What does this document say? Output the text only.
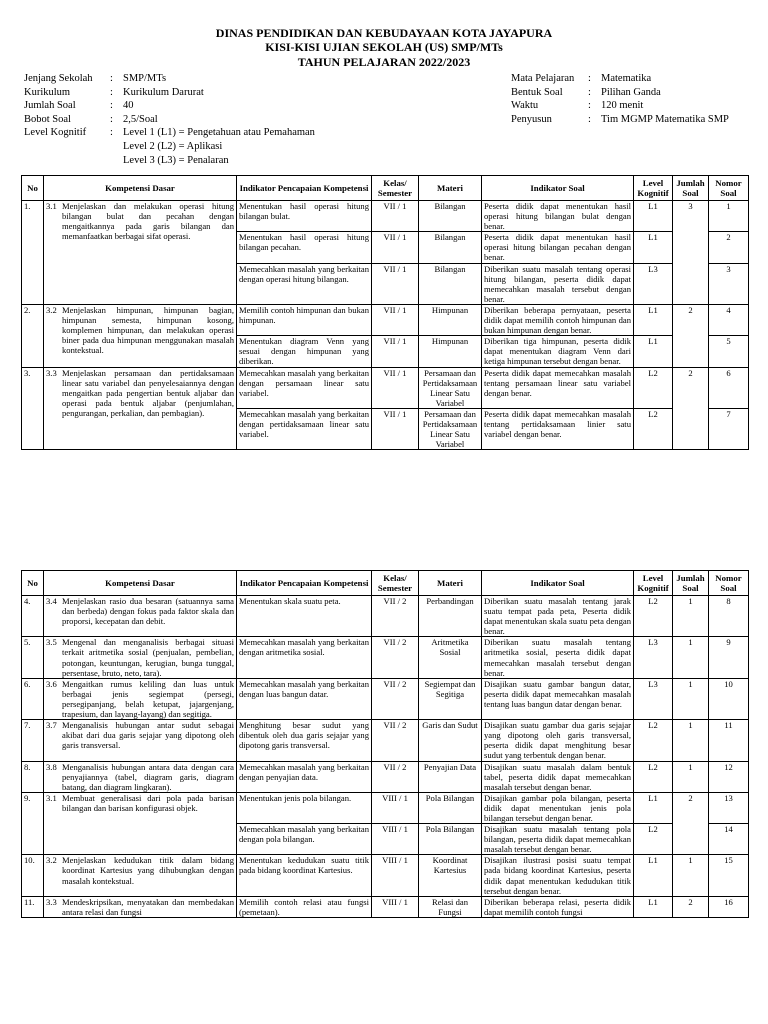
DINAS PENDIDIKAN DAN KEBUDAYAAN KOTA JAYAPURA
KISI-KISI UJIAN SEKOLAH (US) SMP/MTs
TAHUN PELAJARAN 2022/2023
Jenjang Sekolah	: SMP/MTs
Kurikulum	: Kurikulum Darurat
Jumlah Soal	: 40
Bobot Soal	: 2,5/Soal
Level Kognitif	: Level 1 (L1) = Pengetahuan atau Pemahaman
Level 2 (L2) = Aplikasi
Level 3 (L3) = Penalaran
Mata Pelajaran	: Matematika
Bentuk Soal	: Pilihan Ganda
Waktu	: 120 menit
Penyusun	: Tim MGMP Matematika SMP
No	Kompetensi Dasar	Indikator Pencapaian Kompetensi	Kelas/ Semester	Materi	Indikator Soal	Level Kognitif	Jumlah Soal	Nomor Soal
1.	3.1 Menjelaskan dan melakukan operasi hitung bilangan bulat dan pecahan dengan mengaitkannya pada garis bilangan dan memanfaatkan berbagai sifat operasi.	Menentukan hasil operasi hitung bilangan bulat.	VII / 1	Bilangan	Peserta didik dapat menentukan hasil operasi hitung bilangan bulat dengan benar.	L1	3	1
		Menentukan hasil operasi hitung bilangan pecahan.	VII / 1	Bilangan	Peserta didik dapat menentukan hasil operasi hitung bilangan pecahan dengan benar.	L1		2
		Memecahkan masalah yang berkaitan dengan operasi hitung bilangan.	VII / 1	Bilangan	Diberikan suatu masalah tentang operasi hitung bilangan, peserta didik dapat memecahkan masalah tersebut dengan benar.	L3		3
2.	3.2 Menjelaskan himpunan, himpunan bagian, himpunan semesta, himpunan kosong, komplemen himpunan, dan melakukan operasi biner pada dua himpunan menggunakan masalah kontekstual.	Memilih contoh himpunan dan bukan himpunan.	VII / 1	Himpunan	Diberikan beberapa pernyataan, peserta didik dapat memilih contoh himpunan dan bukan himpunan dengan benar.	L1	2	4
		Menentukan diagram Venn yang sesuai dengan himpunan yang diberikan.	VII / 1	Himpunan	Diberikan tiga himpunan, peserta didik dapat menentukan diagram Venn dari ketiga himpunan tersebut dengan benar.	L1		5
3.	3.3 Menjelaskan persamaan dan pertidaksamaan linear satu variabel dan penyelesaiannya dengan mengaitkan pada pengertian bentuk aljabar dan operasi pada bentuk aljabar (penjumlahan, pengurangan, perkalian, dan pembagian).	Memecahkan masalah yang berkaitan dengan persamaan linear satu variabel.	VII / 1	Persamaan dan Pertidaksamaan Linear Satu Variabel	Peserta didik dapat memecahkan masalah tentang persamaan linear satu variabel dengan benar.	L2	2	6
		Memecahkan masalah yang berkaitan dengan pertidaksamaan linear satu variabel.	VII / 1	Persamaan dan Pertidaksamaan Linear Satu Variabel	Peserta didik dapat memecahkan masalah tentang pertidaksamaan linier satu variabel dengan benar.	L2		7
No	Kompetensi Dasar	Indikator Pencapaian Kompetensi	Kelas/ Semester	Materi	Indikator Soal	Level Kognitif	Jumlah Soal	Nomor Soal
4.	3.4 Menjelaskan rasio dua besaran (satuannya sama dan berbeda) dengan fokus pada faktor skala dan proporsi, kecepatan dan debit.	Menentukan skala suatu peta.	VII / 2	Perbandingan	Diberikan suatu masalah tentang jarak suatu tempat pada peta, Peserta didik dapat menentukan skala suatu peta dengan benar.	L2	1	8
5.	3.5 Mengenal dan menganalisis berbagai situasi terkait aritmetika sosial (penjualan, pembelian, potongan, keuntungan, kerugian, bunga tunggal, persentase, bruto, neto, tara).	Memecahkan masalah yang berkaitan dengan aritmetika sosial.	VII / 2	Aritmetika Sosial	Diberikan suatu masalah tentang aritmetika sosial, peserta didik dapat memecahkan masalah tersebut dengan benar.	L3	1	9
6.	3.6 Mengaitkan rumus keliling dan luas untuk berbagai jenis segiempat (persegi, persegipanjang, belah ketupat, jajargenjang, trapesium, dan layang-layang) dan segitiga.	Memecahkan masalah yang berkaitan dengan luas bangun datar.	VII / 2	Segiempat dan Segitiga	Disajikan suatu gambar bangun datar, peserta didik dapat memecahkan masalah tentang luas bangun datar dengan benar.	L3	1	10
7.	3.7 Menganalisis hubungan antar sudut sebagai akibat dari dua garis sejajar yang dipotong oleh garis transversal.	Menghitung besar sudut yang dibentuk oleh dua garis sejajar yang dipotong garis transversal.	VII / 2	Garis dan Sudut	Disajikan suatu gambar dua garis sejajar yang dipotong oleh garis transversal, peserta didik dapat menghitung besar sudut yang terbentuk dengan benar.	L2	1	11
8.	3.8 Menganalisis hubungan antara data dengan cara penyajiannya (tabel, diagram garis, diagram batang, dan diagram lingkaran).	Memecahkan masalah yang berkaitan dengan penyajian data.	VII / 2	Penyajian Data	Disajikan suatu masalah dalam bentuk tabel, peserta didik dapat memecahkan masalah tersebut dengan benar.	L2	1	12
9.	3.1 Membuat generalisasi dari pola pada barisan bilangan dan barisan konfigurasi objek.	Menentukan jenis pola bilangan.	VIII / 1	Pola Bilangan	Disajikan gambar pola bilangan, peserta didik dapat menentukan jenis pola bilangan tersebut dengan benar.	L1	2	13
		Memecahkan masalah yang berkaitan dengan pola bilangan.	VIII / 1	Pola Bilangan	Disajikan suatu masalah tentang pola bilangan, peserta didik dapat memecahkan masalah tersebut dengan benar.	L2		14
10.	3.2 Menjelaskan kedudukan titik dalam bidang koordinat Kartesius yang dihubungkan dengan masalah kontekstual.	Menentukan kedudukan suatu titik pada bidang koordinat Kartesius.	VIII / 1	Koordinat Kartesius	Disajikan ilustrasi posisi suatu tempat pada bidang koordinat Kartesius, peserta didik dapat menentukan kedudukan titik tersebut dengan benar.	L1	1	15
11.	3.3 Mendeskripsikan, menyatakan dan membedakan antara relasi dan fungsi	Memilih contoh relasi atau fungsi (pemetaan).	VIII / 1	Relasi dan Fungsi	Diberikan beberapa relasi, peserta didik dapat memilih contoh fungsi	L1	2	16
